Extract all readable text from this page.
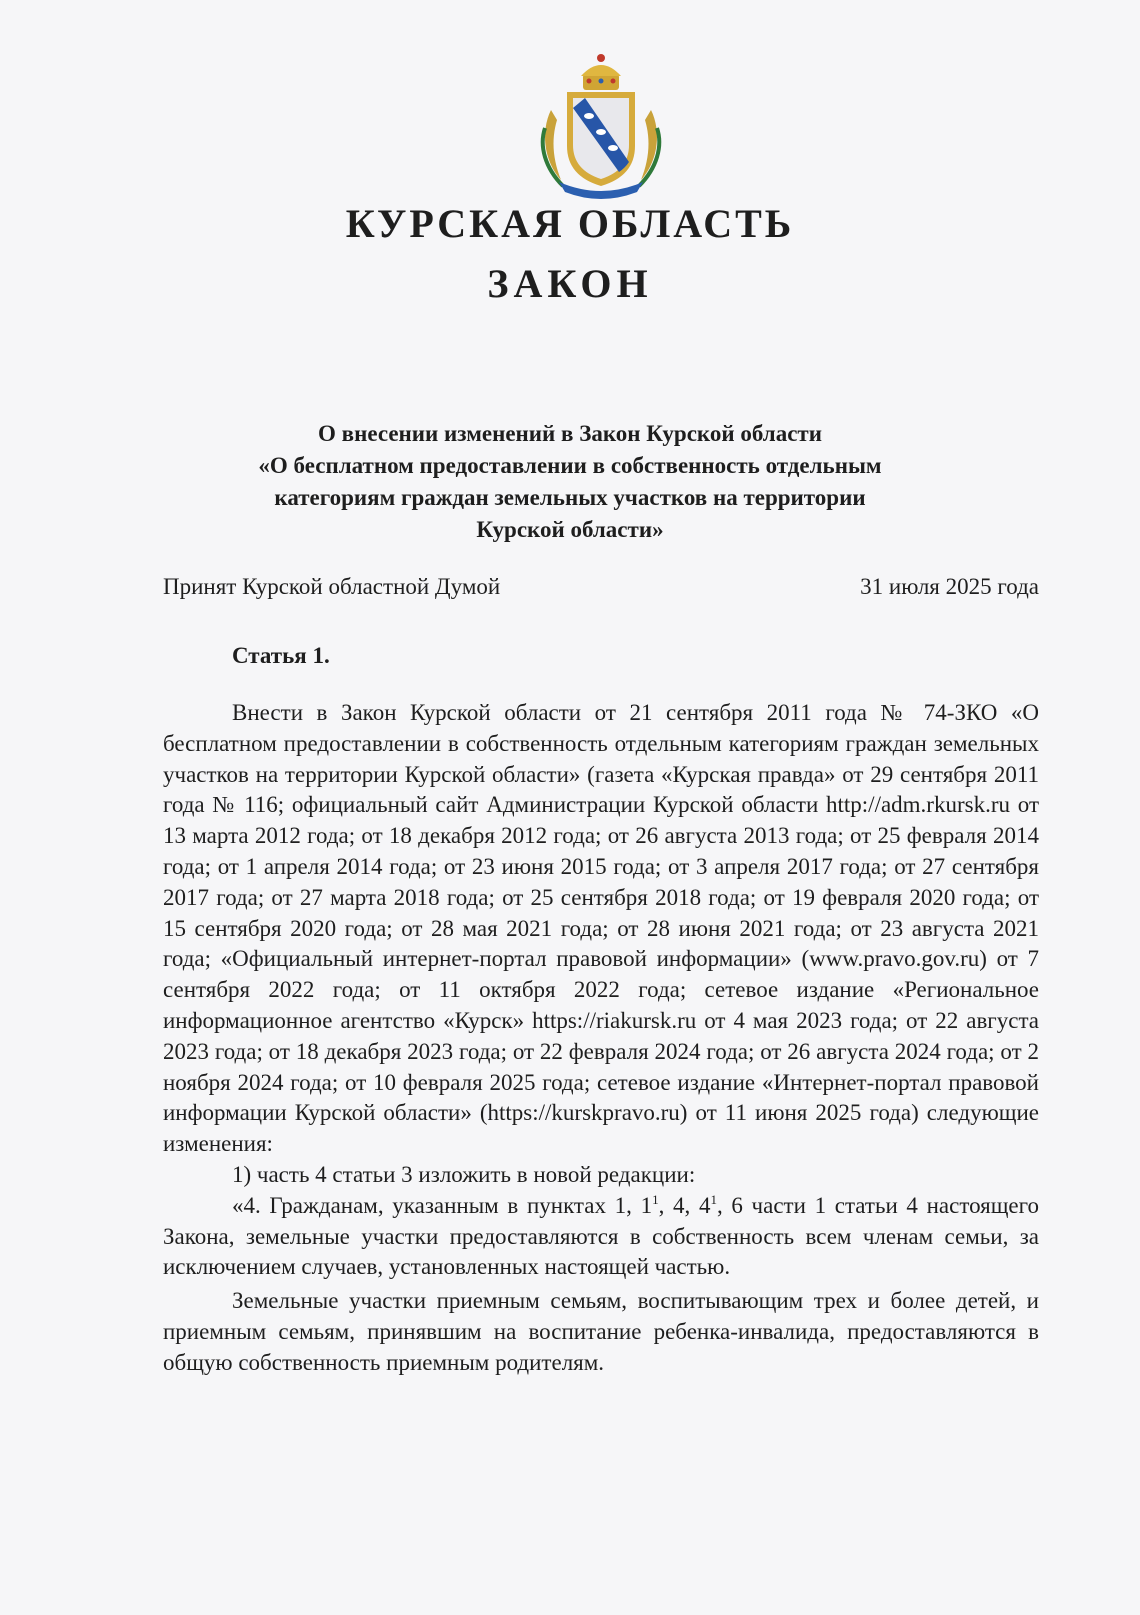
КУРСКАЯ ОБЛАСТЬ
ЗАКОН
О внесении изменений в Закон Курской области
«О бесплатном предоставлении в собственность отдельным
категориям граждан земельных участков на территории
Курской области»
Принят Курской областной Думой	31 июля 2025 года
Статья 1.

Внести в Закон Курской области от 21 сентября 2011 года № 74-ЗКО «О бесплатном предоставлении в собственность отдельным категориям граждан земельных участков на территории Курской области» (газета «Курская правда» от 29 сентября 2011 года № 116; официальный сайт Администрации Курской области http://adm.rkursk.ru от 13 марта 2012 года; от 18 декабря 2012 года; от 26 августа 2013 года; от 25 февраля 2014 года; от 1 апреля 2014 года; от 23 июня 2015 года; от 3 апреля 2017 года; от 27 сентября 2017 года; от 27 марта 2018 года; от 25 сентября 2018 года; от 19 февраля 2020 года; от 15 сентября 2020 года; от 28 мая 2021 года; от 28 июня 2021 года; от 23 августа 2021 года; «Официальный интернет-портал правовой информации» (www.pravo.gov.ru) от 7 сентября 2022 года; от 11 октября 2022 года; сетевое издание «Региональное информационное агентство «Курск» https://riakursk.ru от 4 мая 2023 года; от 22 августа 2023 года; от 18 декабря 2023 года; от 22 февраля 2024 года; от 26 августа 2024 года; от 2 ноября 2024 года; от 10 февраля 2025 года; сетевое издание «Интернет-портал правовой информации Курской области» (https://kurskpravo.ru) от 11 июня 2025 года) следующие изменения:

1) часть 4 статьи 3 изложить в новой редакции:

«4. Гражданам, указанным в пунктах 1, $1^1$, 4, $4^1$, 6 части 1 статьи 4 настоящего Закона, земельные участки предоставляются в собственность всем членам семьи, за исключением случаев, установленных настоящей частью.

Земельные участки приемным семьям, воспитывающим трех и более детей, и приемным семьям, принявшим на воспитание ребенка-инвалида, предоставляются в общую собственность приемным родителям.
